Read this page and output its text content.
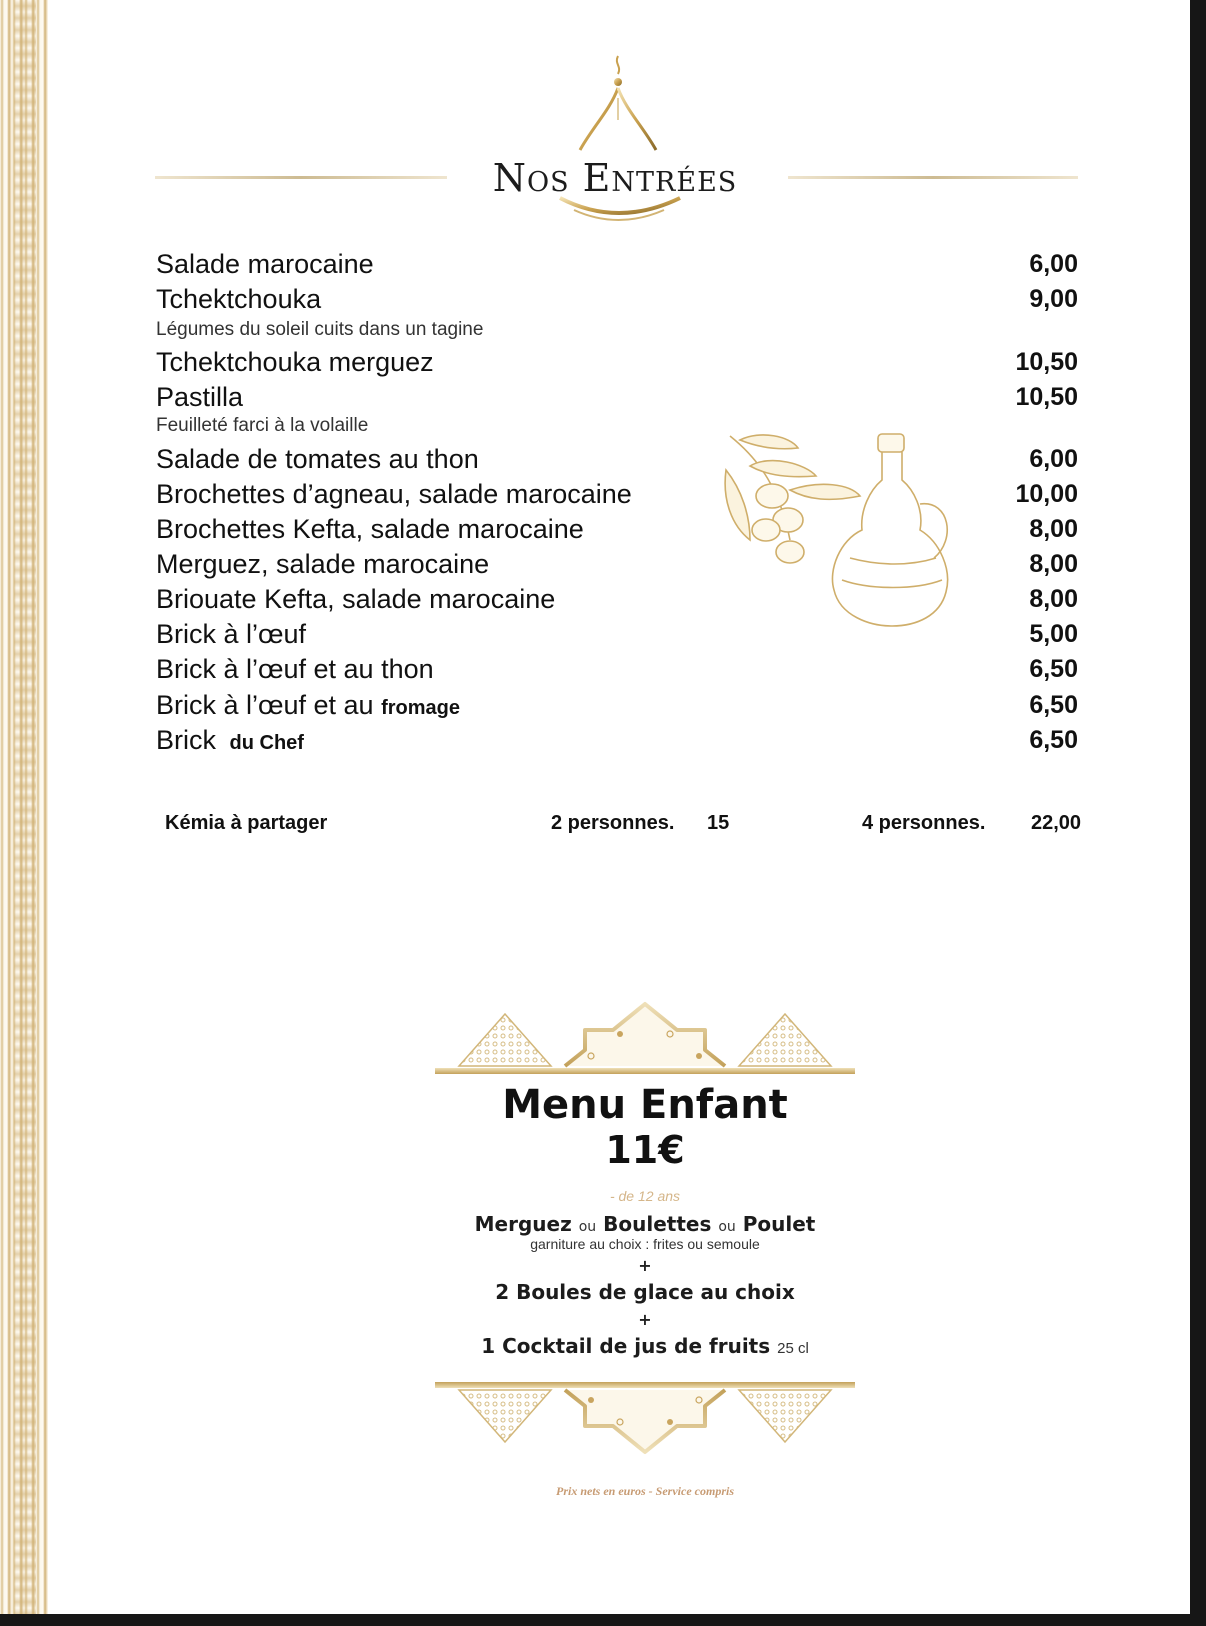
Nos Entrées
Salade marocaine	6,00
Tchektchouka	9,00
Légumes du soleil cuits dans un tagine
Tchektchouka merguez	10,50
Pastilla	10,50
Feuilleté farci à la volaille
Salade de tomates au thon	6,00
Brochettes d’agneau, salade marocaine	10,00
Brochettes Kefta, salade marocaine	8,00
Merguez, salade marocaine	8,00
Briouate Kefta, salade marocaine	8,00
Brick à l’œuf	5,00
Brick à l’œuf et au thon	6,50
Brick à l’œuf et au fromage	6,50
Brick du Chef	6,50
Kémia à partager	2 personnes. 15	4 personnes. 22,00
Menu Enfant
11€
- de 12 ans
Merguez ou Boulettes ou Poulet
garniture au choix : frites ou semoule
+
2 Boules de glace au choix
+
1 Cocktail de jus de fruits 25 cl
Prix nets en euros - Service compris
